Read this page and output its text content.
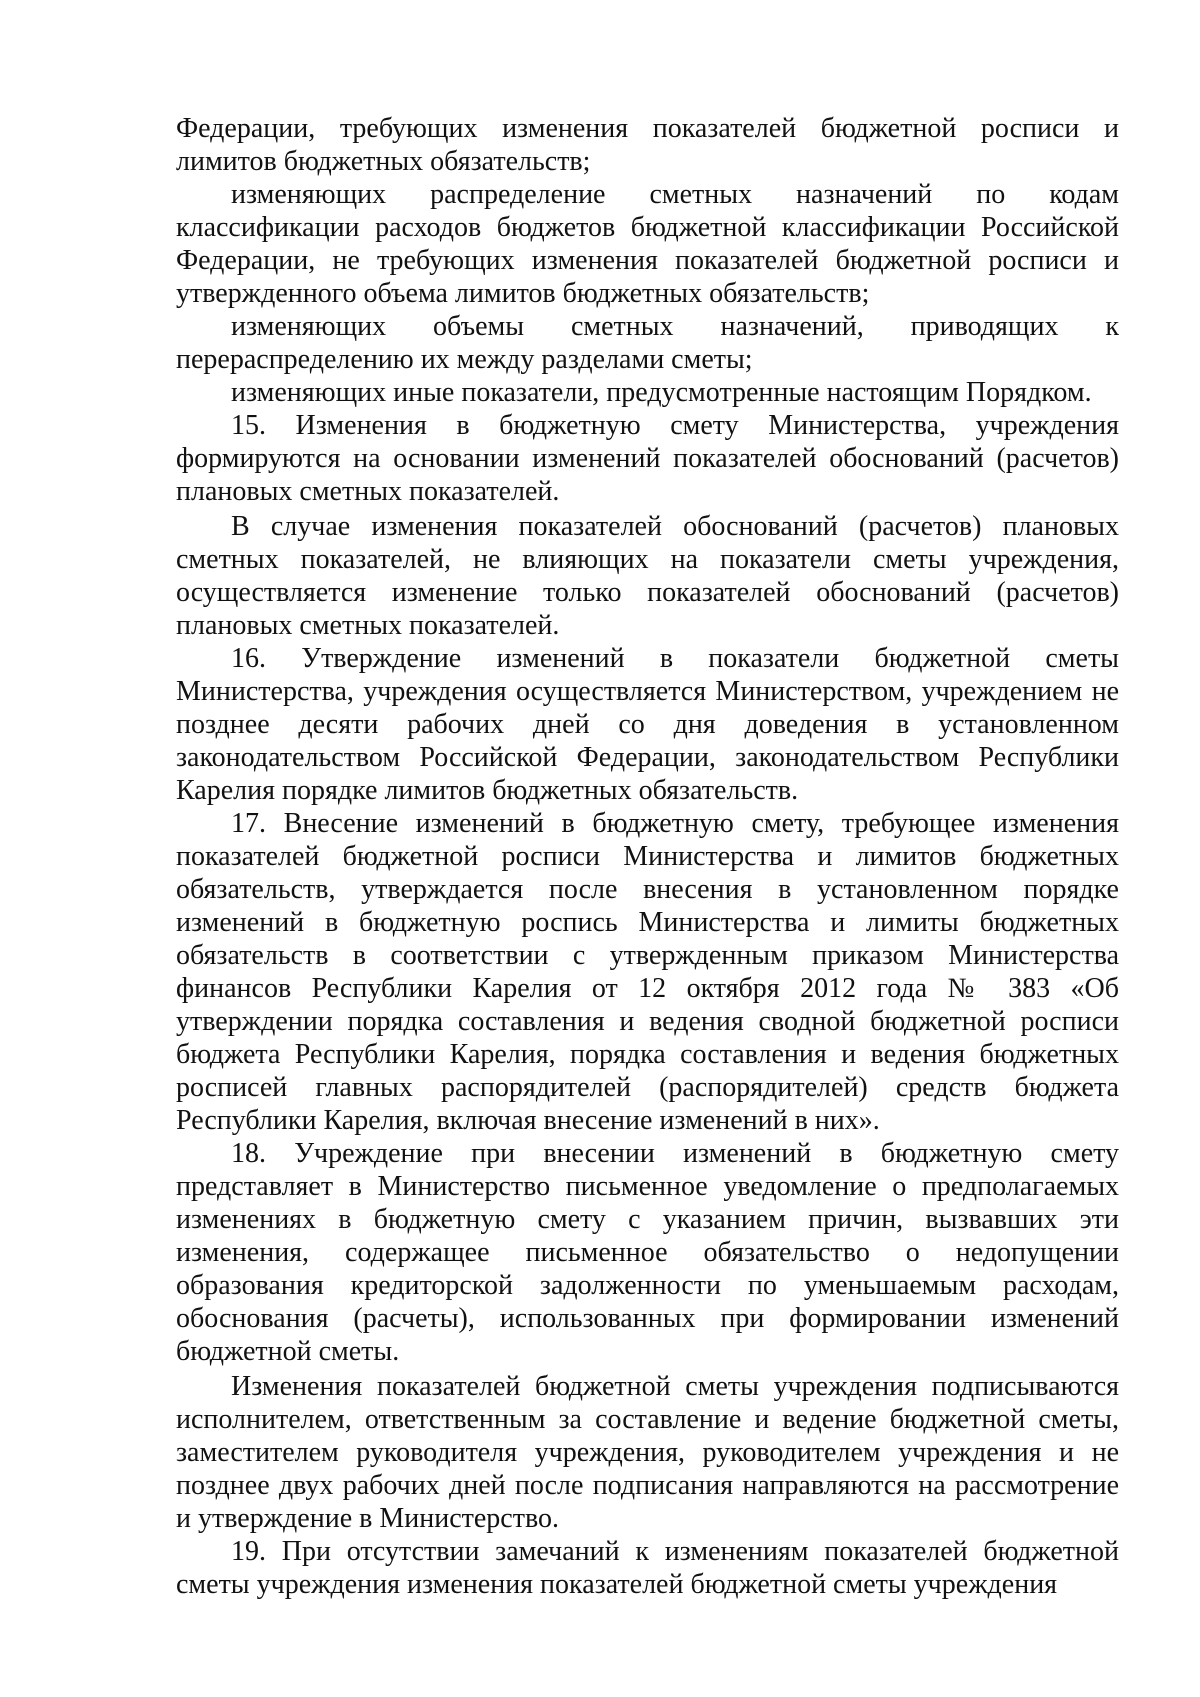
Федерации, требующих изменения показателей бюджетной росписи и лимитов бюджетных обязательств;

изменяющих распределение сметных назначений по кодам классификации расходов бюджетов бюджетной классификации Российской Федерации, не требующих изменения показателей бюджетной росписи и утвержденного объема лимитов бюджетных обязательств;

изменяющих объемы сметных назначений, приводящих к перераспределению их между разделами сметы;

изменяющих иные показатели, предусмотренные настоящим Порядком.

15. Изменения в бюджетную смету Министерства, учреждения формируются на основании изменений показателей обоснований (расчетов) плановых сметных показателей.

В случае изменения показателей обоснований (расчетов) плановых сметных показателей, не влияющих на показатели сметы учреждения, осуществляется изменение только показателей обоснований (расчетов) плановых сметных показателей.

16. Утверждение изменений в показатели бюджетной сметы Министерства, учреждения осуществляется Министерством, учреждением не позднее десяти рабочих дней со дня доведения в установленном законодательством Российской Федерации, законодательством Республики Карелия порядке лимитов бюджетных обязательств.

17. Внесение изменений в бюджетную смету, требующее изменения показателей бюджетной росписи Министерства и лимитов бюджетных обязательств, утверждается после внесения в установленном порядке изменений в бюджетную роспись Министерства и лимиты бюджетных обязательств в соответствии с утвержденным приказом Министерства финансов Республики Карелия от 12 октября 2012 года № 383 «Об утверждении порядка составления и ведения сводной бюджетной росписи бюджета Республики Карелия, порядка составления и ведения бюджетных росписей главных распорядителей (распорядителей) средств бюджета Республики Карелия, включая внесение изменений в них».

18. Учреждение при внесении изменений в бюджетную смету представляет в Министерство письменное уведомление о предполагаемых изменениях в бюджетную смету с указанием причин, вызвавших эти изменения, содержащее письменное обязательство о недопущении образования кредиторской задолженности по уменьшаемым расходам, обоснования (расчеты), использованных при формировании изменений бюджетной сметы.

Изменения показателей бюджетной сметы учреждения подписываются исполнителем, ответственным за составление и ведение бюджетной сметы, заместителем руководителя учреждения, руководителем учреждения и не позднее двух рабочих дней после подписания направляются на рассмотрение и утверждение в Министерство.

19. При отсутствии замечаний к изменениям показателей бюджетной сметы учреждения изменения показателей бюджетной сметы учреждения
